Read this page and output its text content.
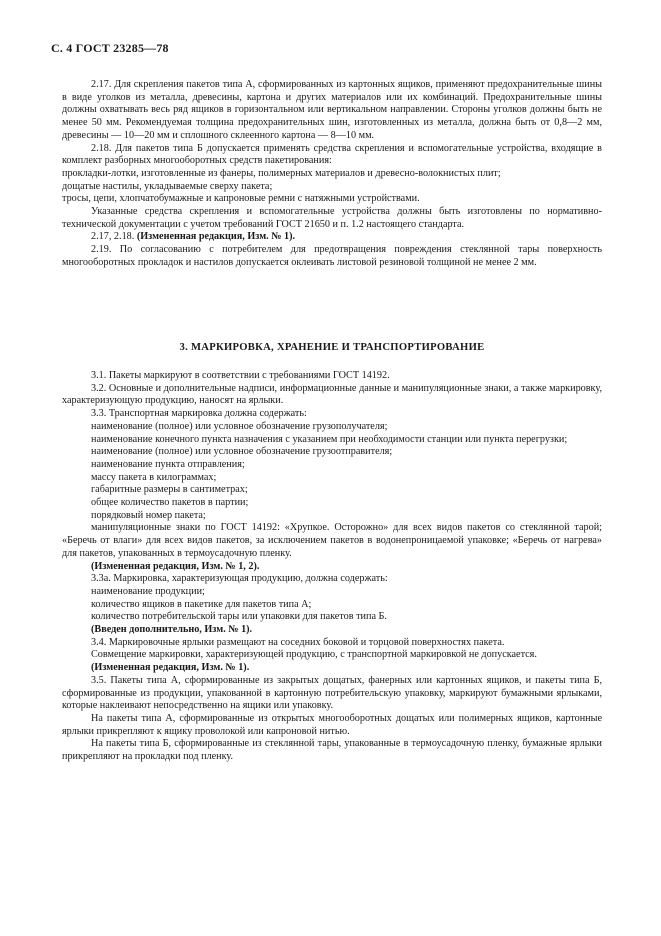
С. 4 ГОСТ 23285—78

2.17. Для скрепления пакетов типа А, сформированных из картонных ящиков, применяют предохранительные шины в виде уголков из металла, древесины, картона и других материалов или их комбинаций. Предохранительные шины должны охватывать весь ряд ящиков в горизонтальном или вертикальном направлении. Стороны уголков должны быть не менее 50 мм. Рекомендуемая толщина предохранительных шин, изготовленных из металла, должна быть от 0,8—2 мм, древесины — 10—20 мм и сплошного склеенного картона — 8—10 мм.

2.18. Для пакетов типа Б допускается применять средства скрепления и вспомогательные устройства, входящие в комплект разборных многооборотных средств пакетирования:

прокладки-лотки, изготовленные из фанеры, полимерных материалов и древесно-волокнистых плит;

дощатые настилы, укладываемые сверху пакета;

тросы, цепи, хлопчатобумажные и капроновые ремни с натяжными устройствами.

Указанные средства скрепления и вспомогательные устройства должны быть изготовлены по нормативно-технической документации с учетом требований ГОСТ 21650 и п. 1.2 настоящего стандарта.

2.17, 2.18. (Измененная редакция, Изм. № 1).

2.19. По согласованию с потребителем для предотвращения повреждения стеклянной тары поверхность многооборотных прокладок и настилов допускается оклеивать листовой резиновой толщиной не менее 2 мм.

3. МАРКИРОВКА, ХРАНЕНИЕ И ТРАНСПОРТИРОВАНИЕ

3.1. Пакеты маркируют в соответствии с требованиями ГОСТ 14192.

3.2. Основные и дополнительные надписи, информационные данные и манипуляционные знаки, а также маркировку, характеризующую продукцию, наносят на ярлыки.

3.3. Транспортная маркировка должна содержать:

наименование (полное) или условное обозначение грузополучателя;

наименование конечного пункта назначения с указанием при необходимости станции или пункта перегрузки;

наименование (полное) или условное обозначение грузоотправителя;

наименование пункта отправления;

массу пакета в килограммах;

габаритные размеры в сантиметрах;

общее количество пакетов в партии;

порядковый номер пакета;

манипуляционные знаки по ГОСТ 14192: «Хрупкое. Осторожно» для всех видов пакетов со стеклянной тарой; «Беречь от влаги» для всех видов пакетов, за исключением пакетов в водонепроницаемой упаковке; «Беречь от нагрева» для пакетов, упакованных в термоусадочную пленку.

(Измененная редакция, Изм. № 1, 2).

3.3а. Маркировка, характеризующая продукцию, должна содержать:

наименование продукции;

количество ящиков в пакетике для пакетов типа А;

количество потребительской тары или упаковки для пакетов типа Б.

(Введен дополнительно, Изм. № 1).

3.4. Маркировочные ярлыки размещают на соседних боковой и торцовой поверхностях пакета.

Совмещение маркировки, характеризующей продукцию, с транспортной маркировкой не допускается.

(Измененная редакция, Изм. № 1).

3.5. Пакеты типа А, сформированные из закрытых дощатых, фанерных или картонных ящиков, и пакеты типа Б, сформированные из продукции, упакованной в картонную потребительскую упаковку, маркируют бумажными ярлыками, которые наклеивают непосредственно на ящики или упаковку.

На пакеты типа А, сформированные из открытых многооборотных дощатых или полимерных ящиков, картонные ярлыки прикрепляют к ящику проволокой или капроновой нитью.

На пакеты типа Б, сформированные из стеклянной тары, упакованные в термоусадочную пленку, бумажные ярлыки прикрепляют на прокладки под пленку.
